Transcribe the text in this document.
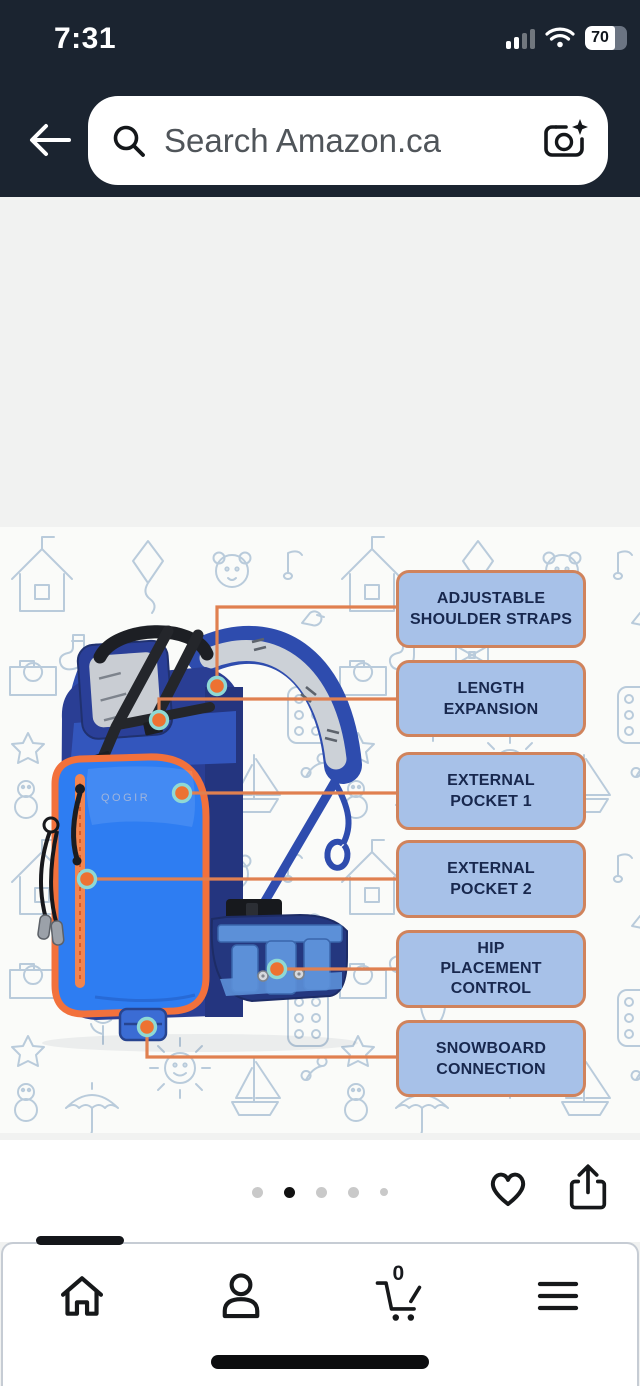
7:31	70
Search Amazon.ca
QOGIR
ADJUSTABLE
SHOULDER STRAPS
LENGTH
EXPANSION
EXTERNAL
POCKET 1
EXTERNAL
POCKET 2
HIP
PLACEMENT
CONTROL
SNOWBOARD
CONNECTION
0
